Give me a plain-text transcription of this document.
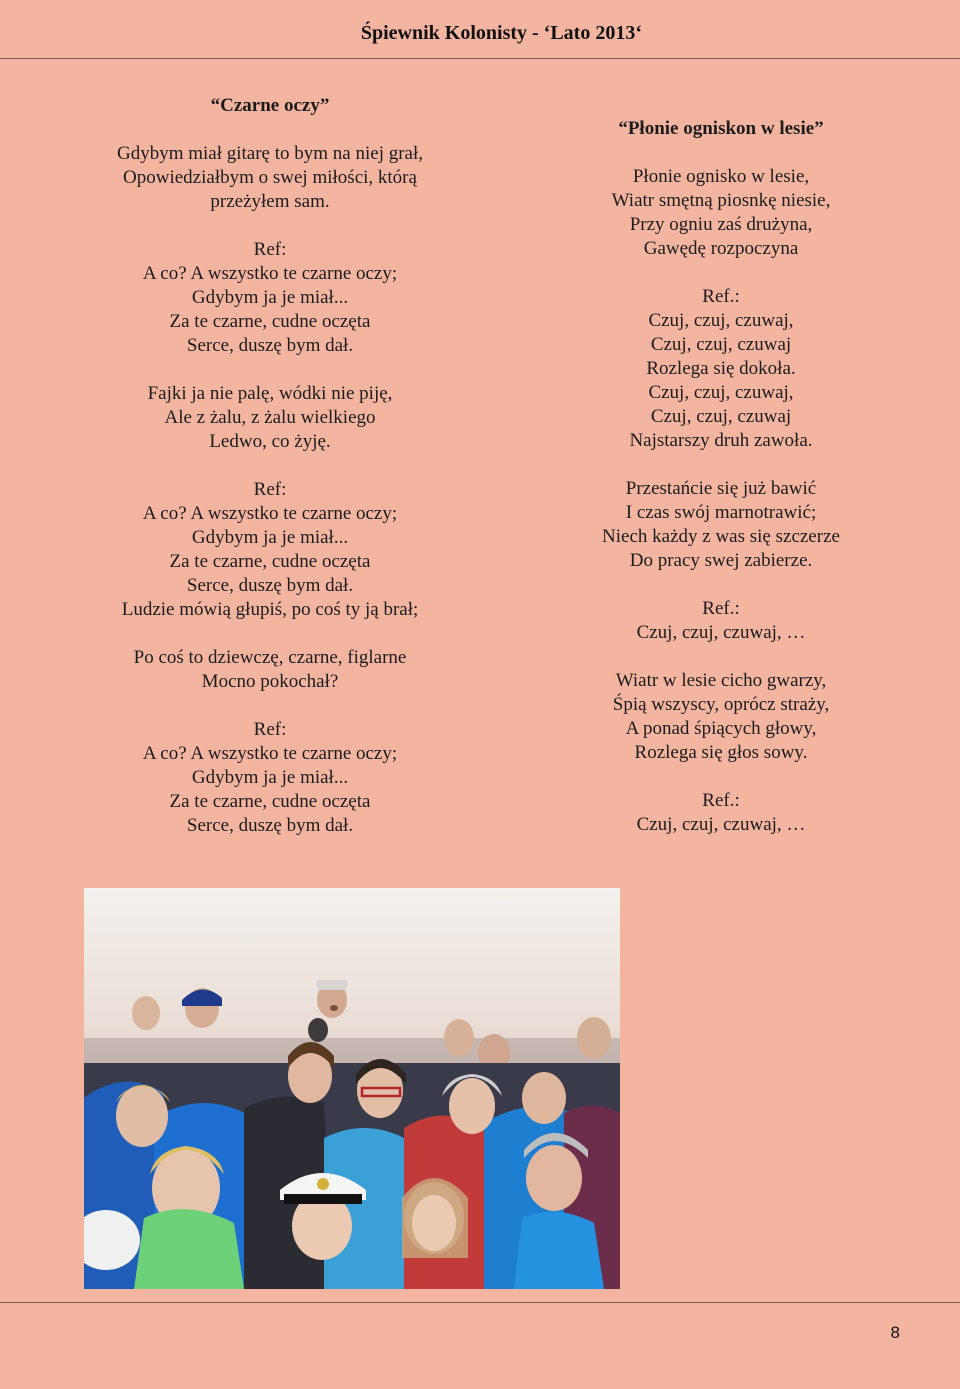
Śpiewnik Kolonisty - ‘Lato 2013‘
“Czarne oczy”
Gdybym miał gitarę to bym na niej grał,
Opowiedziałbym o swej miłości, którą
przeżyłem sam.
Ref:
A co? A wszystko te czarne oczy;
Gdybym ja je miał...
Za te czarne, cudne oczęta
Serce, duszę bym dał.
Fajki ja nie palę, wódki nie piję,
Ale z żalu, z żalu wielkiego
Ledwo, co żyję.
Ref:
A co? A wszystko te czarne oczy;
Gdybym ja je miał...
Za te czarne, cudne oczęta
Serce, duszę bym dał.
Ludzie mówią głupiś, po coś ty ją brał;
Po coś to dziewczę, czarne, figlarne
Mocno pokochał?
Ref:
A co? A wszystko te czarne oczy;
Gdybym ja je miał...
Za te czarne, cudne oczęta
Serce, duszę bym dał.
“Płonie ogniskon w lesie”
Płonie ognisko w lesie,
Wiatr smętną piosnkę niesie,
Przy ogniu zaś drużyna,
Gawędę rozpoczyna
Ref.:
Czuj, czuj, czuwaj,
Czuj, czuj, czuwaj
Rozlega się dokoła.
Czuj, czuj, czuwaj,
Czuj, czuj, czuwaj
Najstarszy druh zawoła.
Przestańcie się już bawić
I czas swój marnotrawić;
Niech każdy z was się szczerze
Do pracy swej zabierze.
Ref.:
Czuj, czuj, czuwaj, …
Wiatr w lesie cicho gwarzy,
Śpią wszyscy, oprócz straży,
A ponad śpiących głowy,
Rozlega się głos sowy.
Ref.:
Czuj, czuj, czuwaj, …
8
